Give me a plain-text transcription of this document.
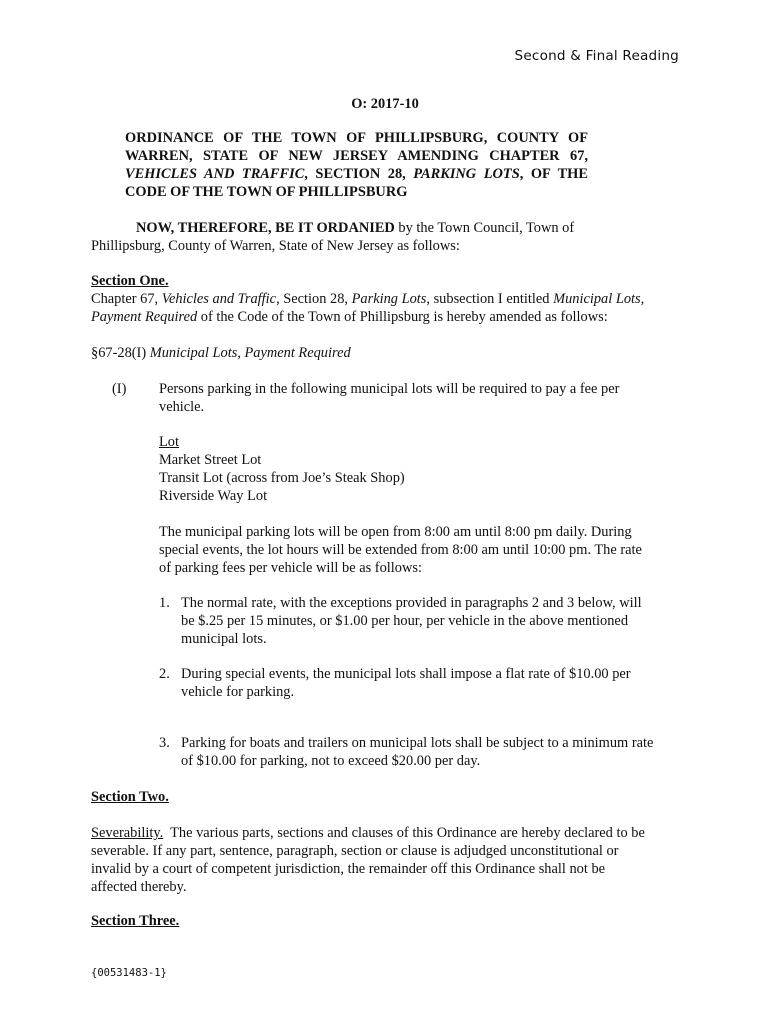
Second & Final Reading
O: 2017-10
ORDINANCE OF THE TOWN OF PHILLIPSBURG, COUNTY OF
WARREN, STATE OF NEW JERSEY AMENDING CHAPTER 67,
VEHICLES AND TRAFFIC, SECTION 28, PARKING LOTS, OF THE
CODE OF THE TOWN OF PHILLIPSBURG
NOW, THEREFORE, BE IT ORDANIED by the Town Council, Town of
Phillipsburg, County of Warren, State of New Jersey as follows:
Section One.
Chapter 67, Vehicles and Traffic, Section 28, Parking Lots, subsection I entitled Municipal Lots,
Payment Required of the Code of the Town of Phillipsburg is hereby amended as follows:
§67-28(I) Municipal Lots, Payment Required
(I) Persons parking in the following municipal lots will be required to pay a fee per
vehicle.
Lot
Market Street Lot
Transit Lot (across from Joe’s Steak Shop)
Riverside Way Lot
The municipal parking lots will be open from 8:00 am until 8:00 pm daily. During
special events, the lot hours will be extended from 8:00 am until 10:00 pm. The rate
of parking fees per vehicle will be as follows:
1. The normal rate, with the exceptions provided in paragraphs 2 and 3 below, will
be $.25 per 15 minutes, or $1.00 per hour, per vehicle in the above mentioned
municipal lots.
2. During special events, the municipal lots shall impose a flat rate of $10.00 per
vehicle for parking.
3. Parking for boats and trailers on municipal lots shall be subject to a minimum rate
of $10.00 for parking, not to exceed $20.00 per day.
Section Two.
Severability.  The various parts, sections and clauses of this Ordinance are hereby declared to be
severable. If any part, sentence, paragraph, section or clause is adjudged unconstitutional or
invalid by a court of competent jurisdiction, the remainder off this Ordinance shall not be
affected thereby.
Section Three.
{00531483-1}
